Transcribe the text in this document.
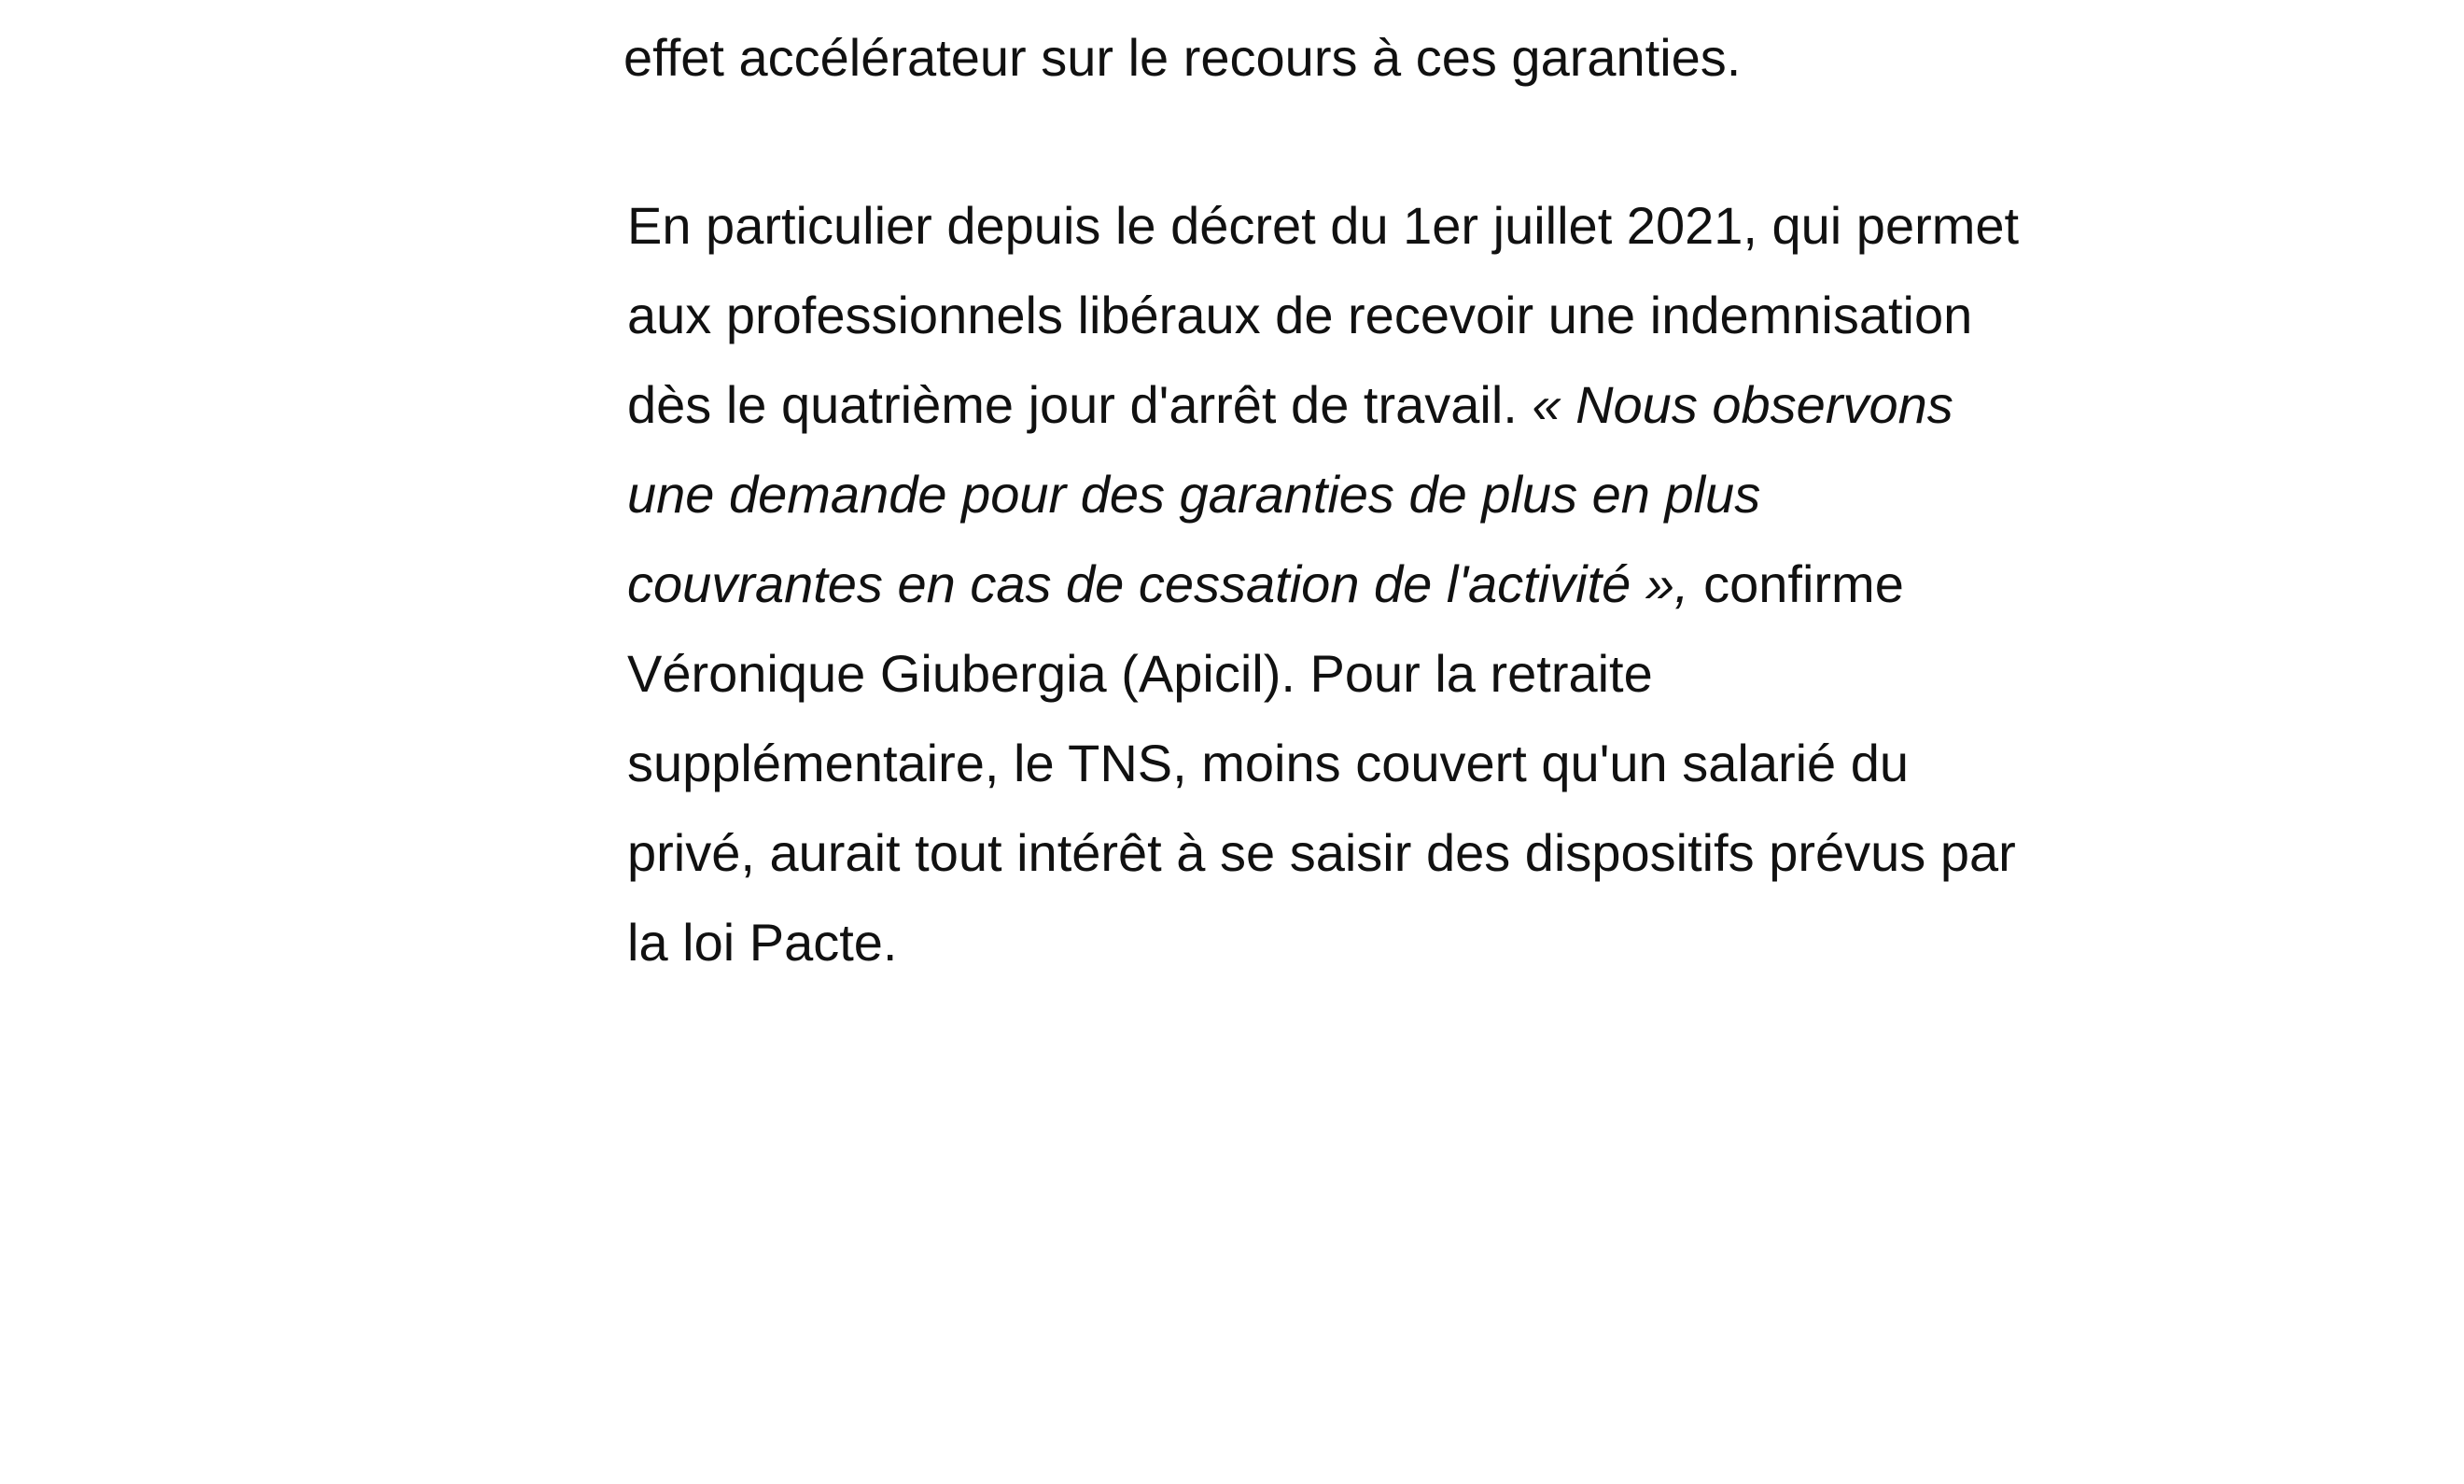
effet accélérateur sur le recours à ces garanties.

En particulier depuis le décret du 1er juillet 2021, qui permet aux professionnels libéraux de recevoir une indemnisation dès le quatrième jour d'arrêt de travail. « Nous observons une demande pour des garanties de plus en plus couvrantes en cas de cessation de l'activité », confirme Véronique Giubergia (Apicil). Pour la retraite supplémentaire, le TNS, moins couvert qu'un salarié du privé, aurait tout intérêt à se saisir des dispositifs prévus par la loi Pacte.
